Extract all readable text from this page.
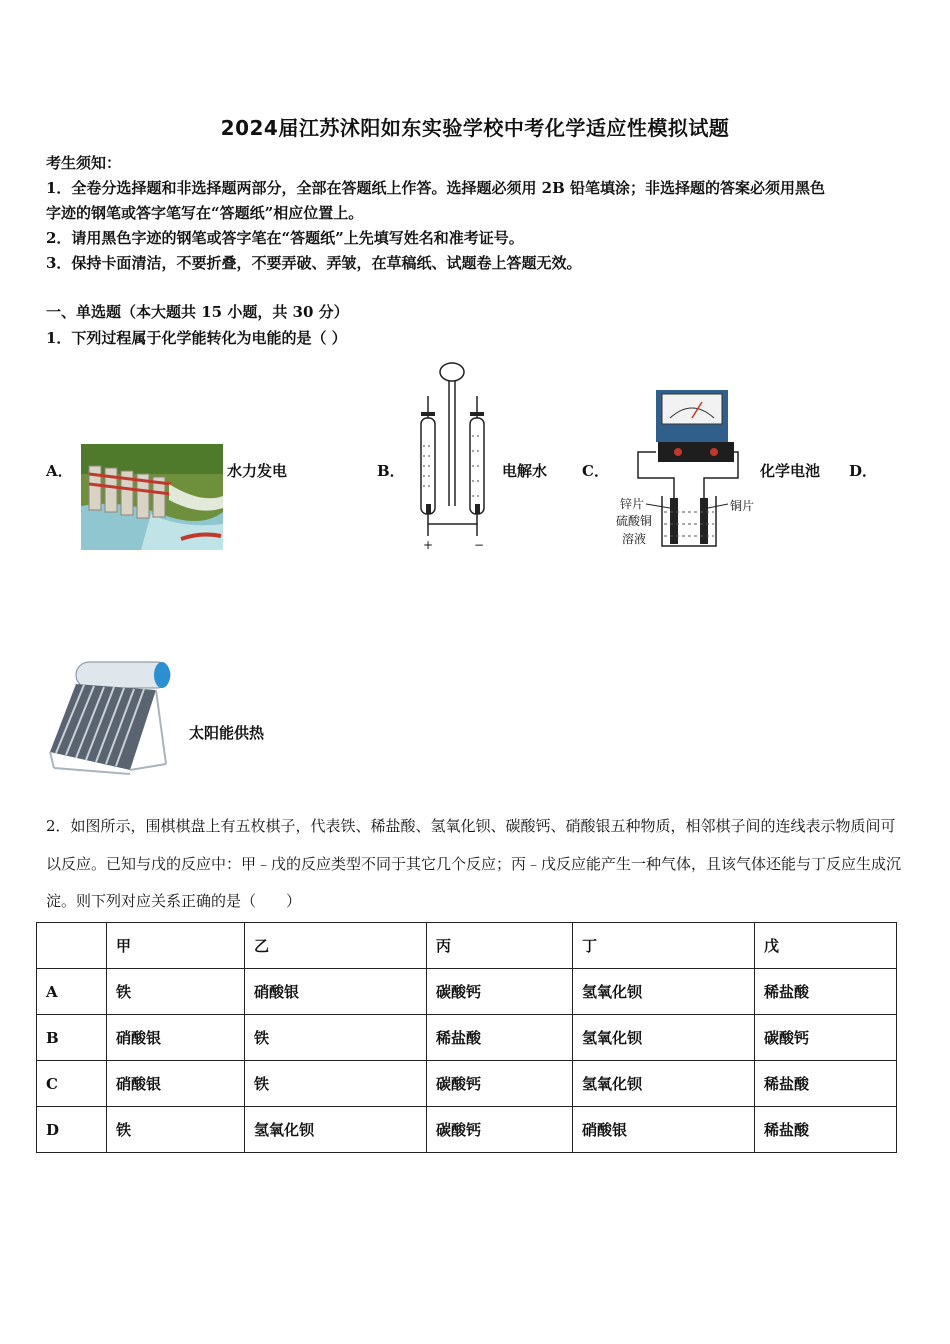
2024届江苏沭阳如东实验学校中考化学适应性模拟试题
考生须知：
1．全卷分选择题和非选择题两部分，全部在答题纸上作答。选择题必须用 2B 铅笔填涂；非选择题的答案必须用黑色
字迹的钢笔或答字笔写在“答题纸”相应位置上。
2．请用黑色字迹的钢笔或答字笔在“答题纸”上先填写姓名和准考证号。
3．保持卡面清洁，不要折叠，不要弄破、弄皱，在草稿纸、试题卷上答题无效。
一、单选题（本大题共 15 小题，共 30 分）
1．下列过程属于化学能转化为电能的是（ ）
A．	水力发电	B．
+	−
电解水 C．
锌片
硫酸铜
溶液
铜片
化学电池 D．
太阳能供热
2．如图所示，围棋棋盘上有五枚棋子，代表铁、稀盐酸、氢氧化钡、碳酸钙、硝酸银五种物质，相邻棋子间的连线表示物质间可以反应。已知与戊的反应中：甲﹣戊的反应类型不同于其它几个反应；丙﹣戊反应能产生一种气体，且该气体还能与丁反应生成沉淀。则下列对应关系正确的是（　　）
	甲	乙	丙	丁	戊
A	铁	硝酸银	碳酸钙	氢氧化钡	稀盐酸
B	硝酸银	铁	稀盐酸	氢氧化钡	碳酸钙
C	硝酸银	铁	碳酸钙	氢氧化钡	稀盐酸
D	铁	氢氧化钡	碳酸钙	硝酸银	稀盐酸
